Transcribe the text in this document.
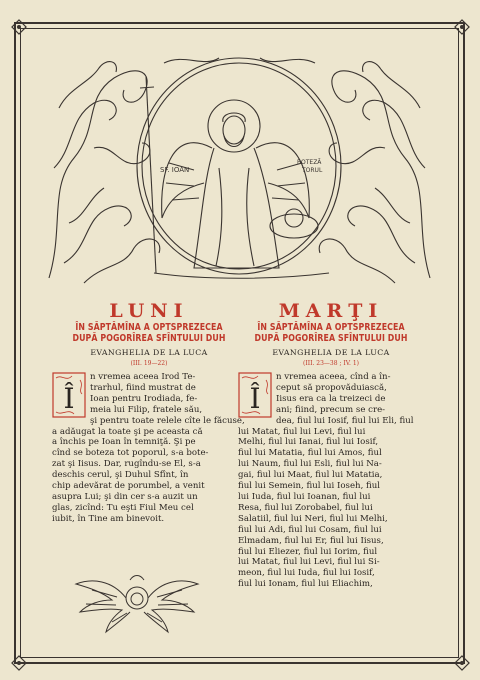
SF. IOAN
BOTEZĂ
TORUL
LUNI
ÎN SĂPTĂMÎNA A OPTSPREZECEA
DUPĂ POGORÎREA SFÎNTULUI DUH
EVANGHELIA DE LA LUCA
(III. 19—22)
MARŢI
ÎN SĂPTĂMÎNA A OPTSPREZECEA
DUPĂ POGORÎREA SFÎNTULUI DUH
EVANGHELIA DE LA LUCA
(III. 23—38 ; IV. 1)
Î
n vremea aceea Irod Te-
trarhul, fiind mustrat de
Ioan pentru Irodiada, fe-
meia lui Filip, fratele său,
şi pentru toate relele cîte le făcuse,
a adăugat la toate şi pe aceasta că
a închis pe Ioan în temniţă. Şi pe
cînd se boteza tot poporul, s-a bote-
zat şi Iisus. Dar, rugîndu-se El, s-a
deschis cerul, şi Duhul Sfînt, în
chip adevărat de porumbel, a venit
asupra Lui; şi din cer s-a auzit un
glas, zicînd: Tu eşti Fiul Meu cel
iubit, în Tine am binevoit.
Î
n vremea aceea, cînd a în-
ceput să propovăduiască,
Iisus era ca la treizeci de
ani; fiind, precum se cre-
dea, fiul lui Iosif, fiul lui Eli, fiul
lui Matat, fiul lui Levi, fiul lui
Melhi, fiul lui Ianai, fiul lui Iosif,
fiul lui Matatia, fiul lui Amos, fiul
lui Naum, fiul lui Esli, fiul lui Na-
gai, fiul lui Maat, fiul lui Matatia,
fiul lui Semein, fiul lui Ioseh, fiul
lui Iuda, fiul lui Ioanan, fiul lui
Resa, fiul lui Zorobabel, fiul lui
Salatiil, fiul lui Neri, fiul lui Melhi,
fiul lui Adi, fiul lui Cosam, fiul lui
Elmadam, fiul lui Er, fiul lui Iisus,
fiul lui Eliezer, fiul lui Iorim, fiul
lui Matat, fiul lui Levi, fiul lui Si-
meon, fiul lui Iuda, fiul lui Iosif,
fiul lui Ionam, fiul lui Eliachim,
